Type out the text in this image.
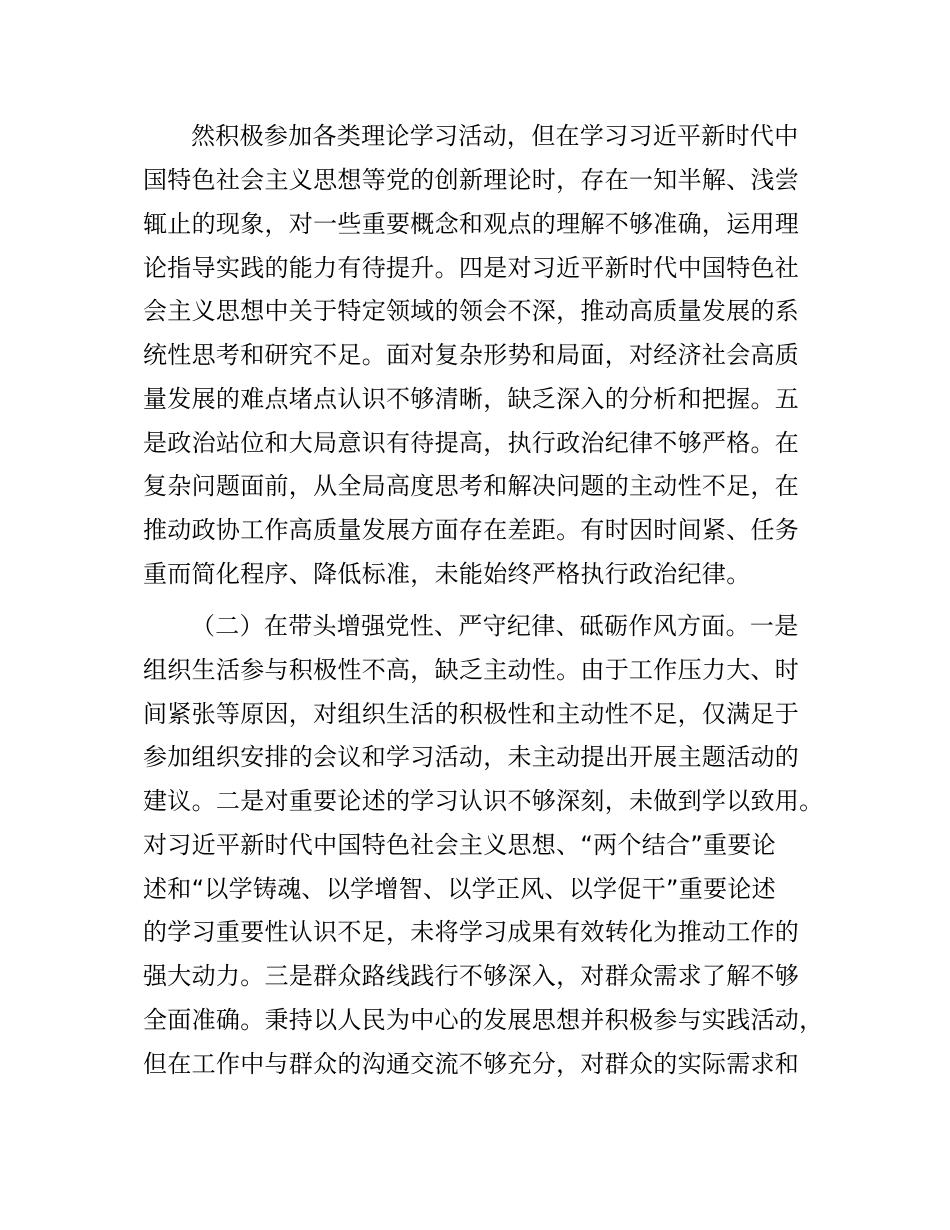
然积极参加各类理论学习活动，但在学习习近平新时代中
国特色社会主义思想等党的创新理论时，存在一知半解、浅尝
辄止的现象，对一些重要概念和观点的理解不够准确，运用理
论指导实践的能力有待提升。四是对习近平新时代中国特色社
会主义思想中关于特定领域的领会不深，推动高质量发展的系
统性思考和研究不足。面对复杂形势和局面，对经济社会高质
量发展的难点堵点认识不够清晰，缺乏深入的分析和把握。五
是政治站位和大局意识有待提高，执行政治纪律不够严格。在
复杂问题面前，从全局高度思考和解决问题的主动性不足，在
推动政协工作高质量发展方面存在差距。有时因时间紧、任务
重而简化程序、降低标准，未能始终严格执行政治纪律。
（二）在带头增强党性、严守纪律、砥砺作风方面。一是
组织生活参与积极性不高，缺乏主动性。由于工作压力大、时
间紧张等原因，对组织生活的积极性和主动性不足，仅满足于
参加组织安排的会议和学习活动，未主动提出开展主题活动的
建议。二是对重要论述的学习认识不够深刻，未做到学以致用。
对习近平新时代中国特色社会主义思想、“两个结合”重要论
述和“以学铸魂、以学增智、以学正风、以学促干”重要论述
的学习重要性认识不足，未将学习成果有效转化为推动工作的
强大动力。三是群众路线践行不够深入，对群众需求了解不够
全面准确。秉持以人民为中心的发展思想并积极参与实践活动，
但在工作中与群众的沟通交流不够充分，对群众的实际需求和
